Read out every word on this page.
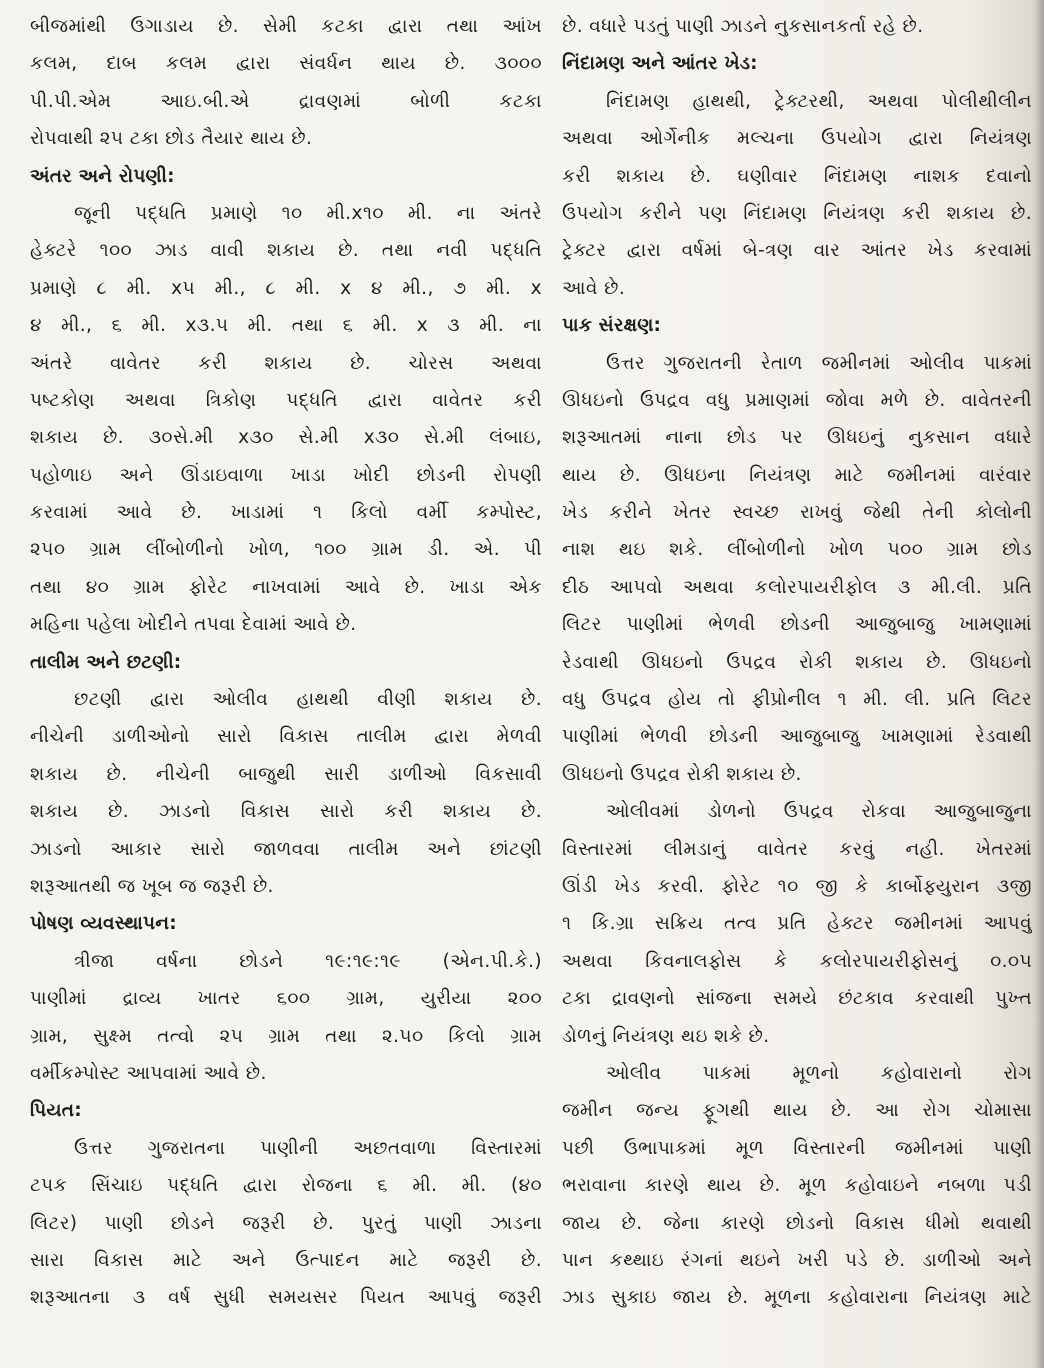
બીજમાંથી ઉગાડાય છે. સેમી કટકા દ્વારા તથા આંખ
કલમ, દાબ કલમ દ્વારા સંવર્ધન થાય છે. ૩૦૦૦
પી.પી.એમ આઇ.બી.એ દ્રાવણમાં બોળી કટકા
રોપવાથી ૨૫ ટકા છોડ તૈયાર થાય છે.
અંતર અને રોપણી:
જૂની પદ્ધતિ પ્રમાણે ૧૦ મી.x૧૦ મી. ના અંતરે
હેક્ટરે ૧૦૦ ઝાડ વાવી શકાય છે. તથા નવી પદ્ધતિ
પ્રમાણે ૮ મી. x૫ મી., ૮ મી. x ૪ મી., ૭ મી. x
૪ મી., ૬ મી. x૩.૫ મી. તથા ૬ મી. x ૩ મી. ના
અંતરે વાવેતર કરી શકાય છે. ચોરસ અથવા
પષ્ટકોણ અથવા ત્રિકોણ પદ્ધતિ દ્વારા વાવેતર કરી
શકાય છે. ૩૦સે.મી x૩૦ સે.મી x૩૦ સે.મી લંબાઇ,
પહોળાઇ અને ઊંડાઇવાળા ખાડા ખોદી છોડની રોપણી
કરવામાં આવે છે. ખાડામાં ૧ કિલો વર્મી કમ્પોસ્ટ,
૨૫૦ ગ્રામ લીંબોળીનો ખોળ, ૧૦૦ ગ્રામ ડી. એ. પી
તથા ૪૦ ગ્રામ ફોરેટ નાખવામાં આવે છે. ખાડા એક
મહિના પહેલા ખોદીને તપવા દેવામાં આવે છે.
તાલીમ અને છટણી:
છટણી દ્વારા ઓલીવ હાથથી વીણી શકાય છે.
નીચેની ડાળીઓનો સારો વિકાસ તાલીમ દ્વારા મેળવી
શકાય છે. નીચેની બાજુથી સારી ડાળીઓ વિકસાવી
શકાય છે. ઝાડનો વિકાસ સારો કરી શકાય છે.
ઝાડનો આકાર સારો જાળવવા તાલીમ અને છાંટણી
શરૂઆતથી જ ખૂબ જ જરૂરી છે.
પોષણ વ્યવસ્થાપન:
ત્રીજા વર્ષના છોડને ૧૯:૧૯:૧૯ (એન.પી.કે.)
પાણીમાં દ્રાવ્ય ખાતર ૬૦૦ ગ્રામ, યુરીયા ૨૦૦
ગ્રામ, સુક્ષ્મ તત્વો ૨૫ ગ્રામ તથા ૨.૫૦ કિલો ગ્રામ
વર્મીકમ્પોસ્ટ આપવામાં આવે છે.
પિયત:
ઉત્તર ગુજરાતના પાણીની અછતવાળા વિસ્તારમાં
ટપક સિંચાઇ પદ્ધતિ દ્વારા રોજના ૬ મી. મી. (૪૦
લિટર) પાણી છોડને જરૂરી છે. પુરતું પાણી ઝાડના
સારા વિકાસ માટે અને ઉત્પાદન માટે જરૂરી છે.
શરૂઆતના ૩ વર્ષ સુધી સમયસર પિયત આપવું જરૂરી
છે. વધારે પડતું પાણી ઝાડને નુકસાનકર્તા રહે છે.
નિંદામણ અને આંતર ખેડ:
નિંદામણ હાથથી, ટ્રેક્ટરથી, અથવા પોલીથીલીન
અથવા ઓર્ગેનીક મલ્ચના ઉપયોગ દ્વારા નિયંત્રણ
કરી શકાય છે. ઘણીવાર નિંદામણ નાશક દવાનો
ઉપયોગ કરીને પણ નિંદામણ નિયંત્રણ કરી શકાય છે.
ટ્રેક્ટર દ્વારા વર્ષમાં બે-ત્રણ વાર આંતર ખેડ કરવામાં
આવે છે.
પાક સંરક્ષણ:
ઉત્તર ગુજરાતની રેતાળ જમીનમાં ઓલીવ પાકમાં
ઊધઇનો ઉપદ્રવ વધુ પ્રમાણમાં જોવા મળે છે. વાવેતરની
શરૂઆતમાં નાના છોડ પર ઊધઇનું નુકસાન વધારે
થાય છે. ઊધઇના નિયંત્રણ માટે જમીનમાં વારંવાર
ખેડ કરીને ખેતર સ્વચ્છ રાખવું જેથી તેની કોલોની
નાશ થઇ શકે. લીંબોળીનો ખોળ ૫૦૦ ગ્રામ છોડ
દીઠ આપવો અથવા કલોરપાયરીફોલ ૩ મી.લી. પ્રતિ
લિટર પાણીમાં ભેળવી છોડની આજુબાજુ ખામણામાં
રેડવાથી ઊધઇનો ઉપદ્રવ રોકી શકાય છે. ઊધઇનો
વધુ ઉપદ્રવ હોય તો ફીપ્રોનીલ ૧ મી. લી. પ્રતિ લિટર
પાણીમાં ભેળવી છોડની આજુબાજુ ખામણામાં રેડવાથી
ઊધઇનો ઉપદ્રવ રોકી શકાય છે.
ઓલીવમાં ડોળનો ઉપદ્રવ રોકવા આજુબાજુના
વિસ્તારમાં લીમડાનું વાવેતર કરવું નહી. ખેતરમાં
ઊંડી ખેડ કરવી. ફોરેટ ૧૦ જી કે કાર્બોફ્યુરાન ૩જી
૧ કિ.ગ્રા સક્રિય તત્વ પ્રતિ હેક્ટર જમીનમાં આપવું
અથવા કિવનાલફોસ કે કલોરપાયરીફોસનું ૦.૦૫
ટકા દ્રાવણનો સાંજના સમયે છંટકાવ કરવાથી પુખ્ત
ડોળનું નિયંત્રણ થઇ શકે છે.
ઓલીવ પાકમાં મૂળનો કહોવારાનો રોગ
જમીન જન્ય ફૂગથી થાય છે. આ રોગ ચોમાસા
પછી ઉભાપાકમાં મૂળ વિસ્તારની જમીનમાં પાણી
ભરાવાના કારણે થાય છે. મૂળ કહોવાઇને નબળા પડી
જાય છે. જેના કારણે છોડનો વિકાસ ધીમો થવાથી
પાન કથ્થાઇ રંગનાં થઇને ખરી પડે છે. ડાળીઓ અને
ઝાડ સુકાઇ જાય છે. મૂળના કહોવારાના નિયંત્રણ માટે
